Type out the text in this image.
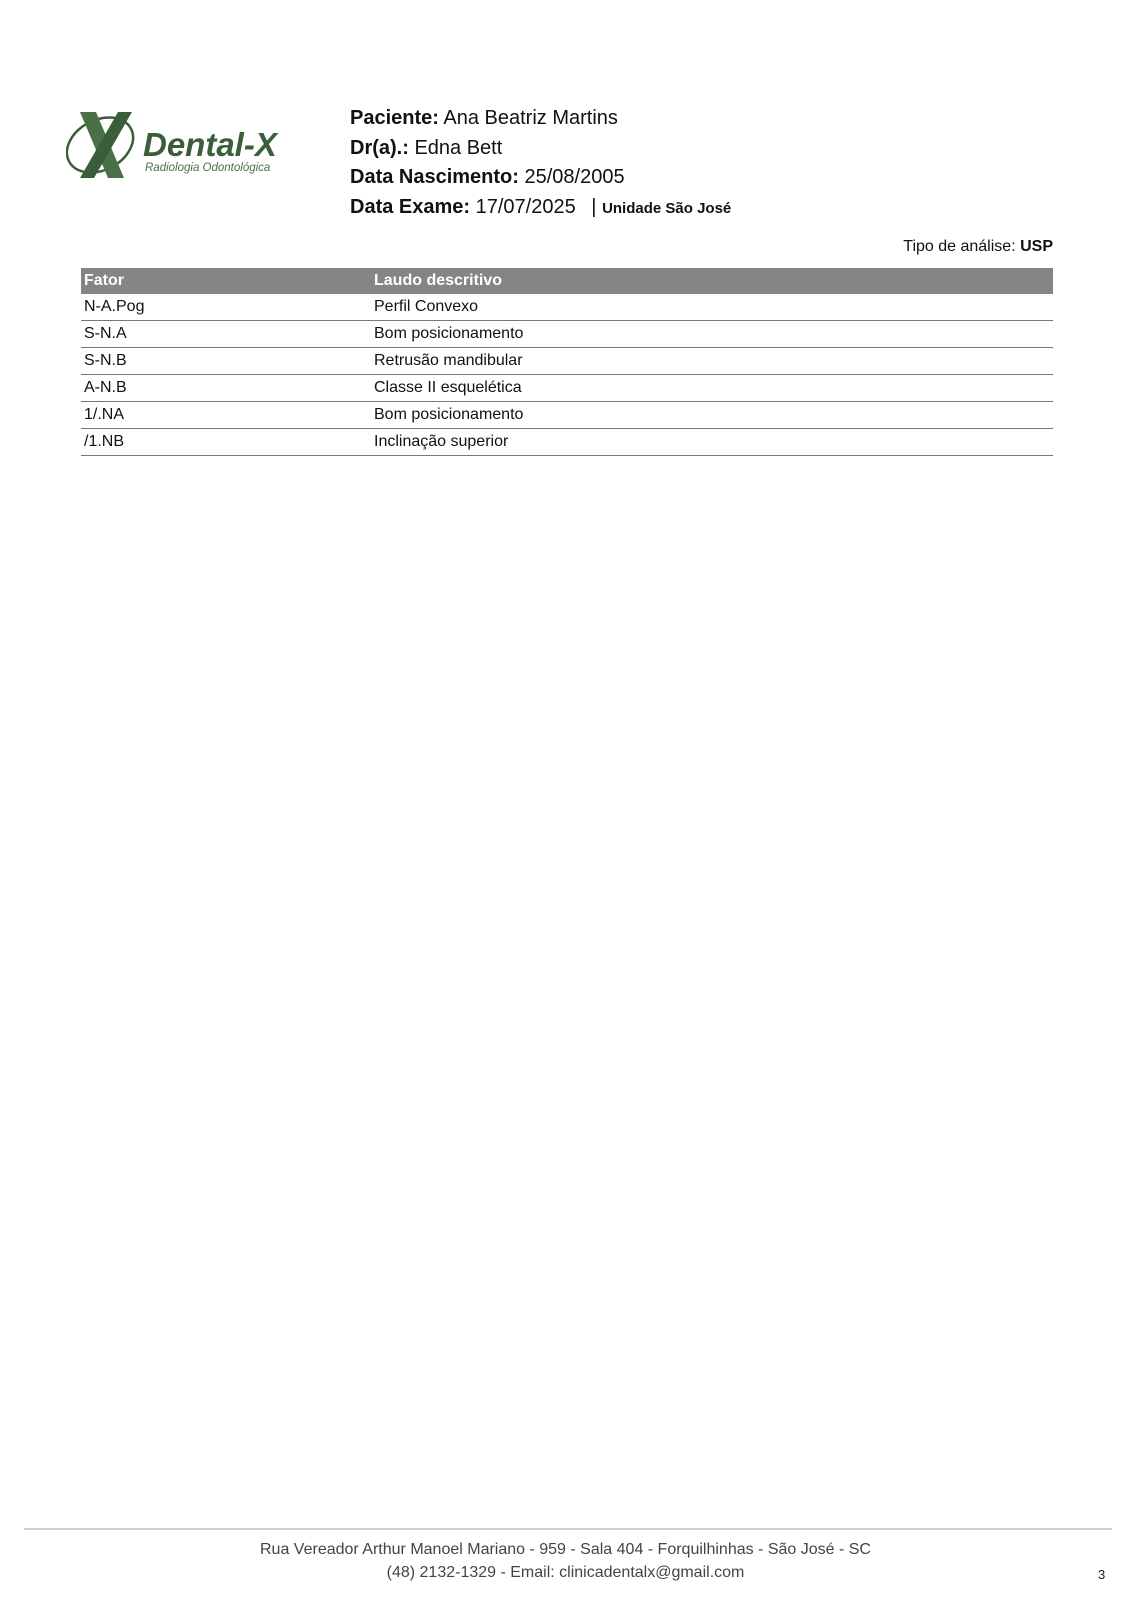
Dental-X
Radiologia Odontológica
Paciente: Ana Beatriz Martins
Dr(a).: Edna Bett
Data Nascimento: 25/08/2005
Data Exame: 17/07/2025 | Unidade São José
Tipo de análise: USP
Fator	Laudo descritivo
N-A.Pog	Perfil Convexo
S-N.A	Bom posicionamento
S-N.B	Retrusão mandibular
A-N.B	Classe II esquelética
1/.NA	Bom posicionamento
/1.NB	Inclinação superior
Rua Vereador Arthur Manoel Mariano - 959 - Sala 404 - Forquilhinhas - São José - SC
(48) 2132-1329 - Email: clinicadentalx@gmail.com	3
